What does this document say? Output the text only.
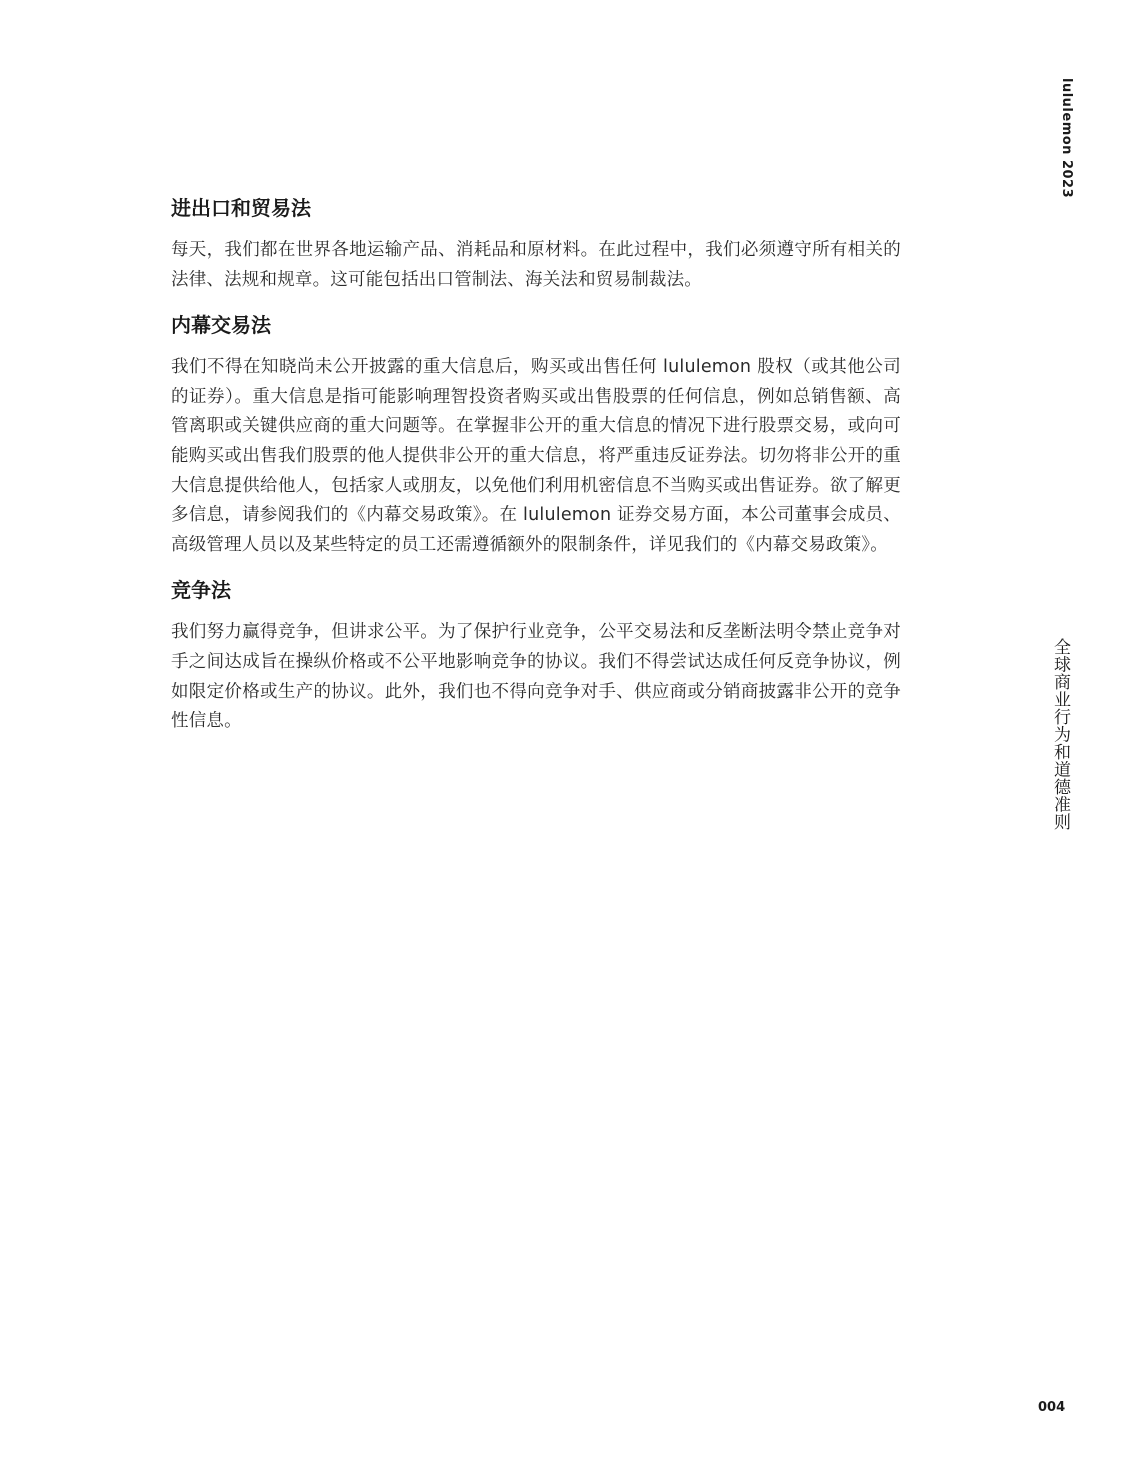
lululemon 2023
全球商业行为和道德准则
进出口和贸易法

每天，我们都在世界各地运输产品、消耗品和原材料。在此过程中，我们必须遵守所有相关的法律、法规和规章。这可能包括出口管制法、海关法和贸易制裁法。

内幕交易法

我们不得在知晓尚未公开披露的重大信息后，购买或出售任何 lululemon 股权（或其他公司的证券）。重大信息是指可能影响理智投资者购买或出售股票的任何信息，例如总销售额、高管离职或关键供应商的重大问题等。在掌握非公开的重大信息的情况下进行股票交易，或向可能购买或出售我们股票的他人提供非公开的重大信息，将严重违反证券法。切勿将非公开的重大信息提供给他人，包括家人或朋友，以免他们利用机密信息不当购买或出售证券。欲了解更多信息，请参阅我们的《内幕交易政策》。在 lululemon 证券交易方面，本公司董事会成员、高级管理人员以及某些特定的员工还需遵循额外的限制条件，详见我们的《内幕交易政策》。

竞争法

我们努力赢得竞争，但讲求公平。为了保护行业竞争，公平交易法和反垄断法明令禁止竞争对手之间达成旨在操纵价格或不公平地影响竞争的协议。我们不得尝试达成任何反竞争协议，例如限定价格或生产的协议。此外，我们也不得向竞争对手、供应商或分销商披露非公开的竞争性信息。

004
